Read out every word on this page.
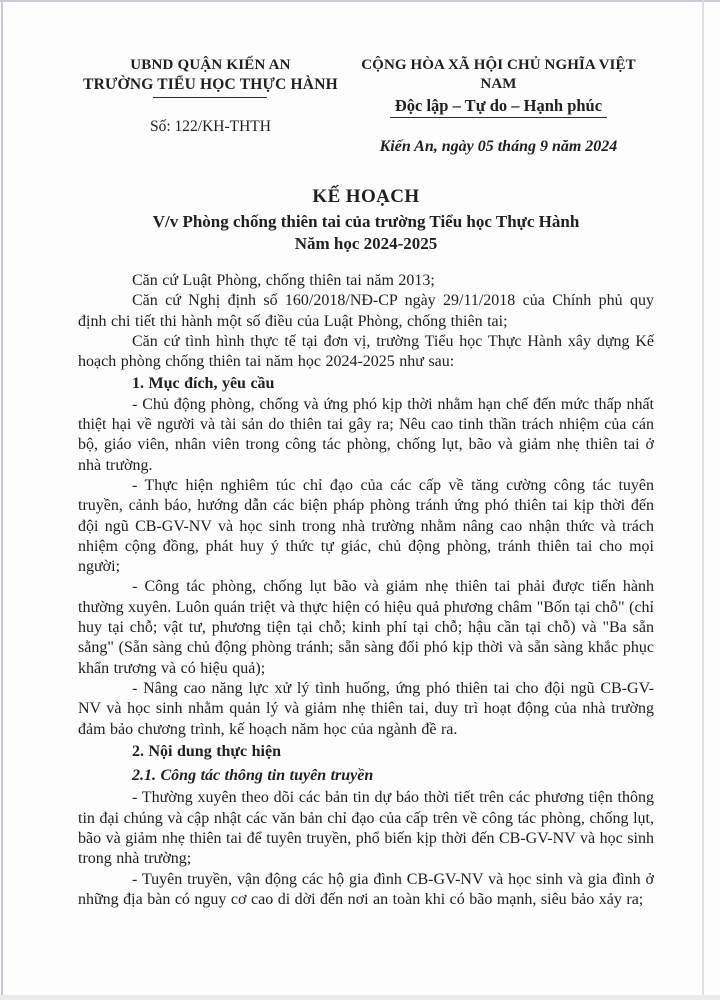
UBND QUẬN KIẾN AN
TRƯỜNG TIỂU HỌC THỰC HÀNH
Số: 122/KH-THTH
CỘNG HÒA XÃ HỘI CHỦ NGHĨA VIỆT NAM
Độc lập – Tự do – Hạnh phúc
Kiến An, ngày 05 tháng 9 năm 2024
KẾ HOẠCH
V/v Phòng chống thiên tai của trường Tiểu học Thực Hành
Năm học 2024-2025

Căn cứ Luật Phòng, chống thiên tai năm 2013;

Căn cứ Nghị định số 160/2018/NĐ-CP ngày 29/11/2018 của Chính phủ quy định chi tiết thi hành một số điều của Luật Phòng, chống thiên tai;

Căn cứ tình hình thực tế tại đơn vị, trường Tiểu học Thực Hành xây dựng Kế hoạch phòng chống thiên tai năm học 2024-2025 như sau:

1. Mục đích, yêu cầu

- Chủ động phòng, chống và ứng phó kịp thời nhằm hạn chế đến mức thấp nhất thiệt hại về người và tài sản do thiên tai gây ra; Nêu cao tinh thần trách nhiệm của cán bộ, giáo viên, nhân viên trong công tác phòng, chống lụt, bão và giảm nhẹ thiên tai ở nhà trường.

- Thực hiện nghiêm túc chỉ đạo của các cấp về tăng cường công tác tuyên truyền, cảnh báo, hướng dẫn các biện pháp phòng tránh ứng phó thiên tai kịp thời đến đội ngũ CB-GV-NV và học sinh trong nhà trường nhằm nâng cao nhận thức và trách nhiệm cộng đồng, phát huy ý thức tự giác, chủ động phòng, tránh thiên tai cho mọi người;

- Công tác phòng, chống lụt bão và giảm nhẹ thiên tai phải được tiến hành thường xuyên. Luôn quán triệt và thực hiện có hiệu quả phương châm "Bốn tại chỗ" (chỉ huy tại chỗ; vật tư, phương tiện tại chỗ; kinh phí tại chỗ; hậu cần tại chỗ) và "Ba sẵn sằng" (Sẵn sàng chủ động phòng tránh; sẵn sàng đối phó kịp thời và sẵn sàng khắc phục khẩn trương và có hiệu quả);

- Nâng cao năng lực xử lý tình huống, ứng phó thiên tai cho đội ngũ CB-GV-NV và học sinh nhằm quản lý và giảm nhẹ thiên tai, duy trì hoạt động của nhà trường đảm bảo chương trình, kế hoạch năm học của ngành đề ra.

2. Nội dung thực hiện

2.1. Công tác thông tin tuyên truyền

- Thường xuyên theo dõi các bản tin dự báo thời tiết trên các phương tiện thông tin đại chúng và cập nhật các văn bản chỉ đạo của cấp trên về công tác phòng, chống lụt, bão và giảm nhẹ thiên tai để tuyên truyền, phổ biến kịp thời đến CB-GV-NV và học sinh trong nhà trường;

- Tuyên truyền, vận động các hộ gia đình CB-GV-NV và học sinh và gia đình ở những địa bàn có nguy cơ cao di dời đến nơi an toàn khi có bão mạnh, siêu bảo xảy ra;
